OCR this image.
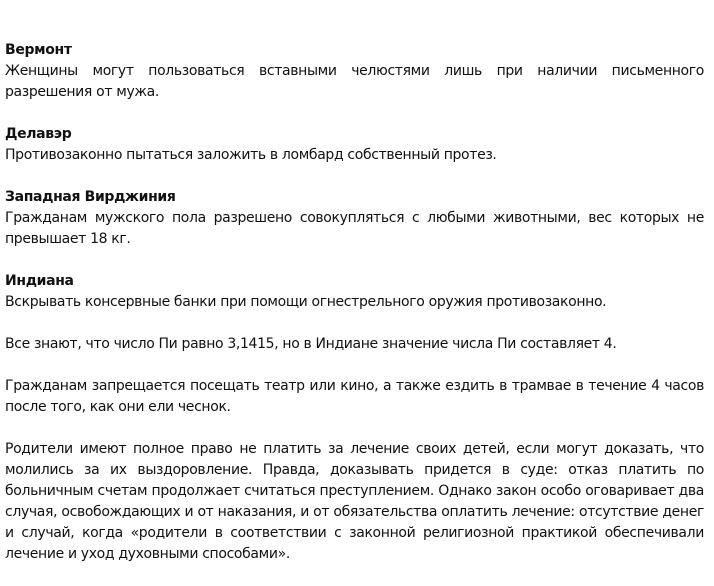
Вермонт
Женщины могут пользоваться вставными челюстями лишь при наличии письменного разрешения от мужа.
Делавэр
Противозаконно пытаться заложить в ломбард собственный протез.
Западная Вирджиния
Гражданам мужского пола разрешено совокупляться с любыми животными, вес которых не превышает 18 кг.
Индиана
Вскрывать консервные банки при помощи огнестрельного оружия противозаконно.
Все знают, что число Пи равно 3,1415, но в Индиане значение числа Пи составляет 4.
Гражданам запрещается посещать театр или кино, а также ездить в трамвае в течение 4 часов после того, как они ели чеснок.
Родители имеют полное право не платить за лечение своих детей, если могут доказать, что молились за их выздоровление. Правда, доказывать придется в суде: отказ платить по больничным счетам продолжает считаться преступлением. Однако закон особо оговаривает два случая, освобождающих и от наказания, и от обязательства оплатить лечение: отсутствие денег и случай, когда «родители в соответствии с законной религиозной практикой обеспечивали лечение и уход духовными способами».
